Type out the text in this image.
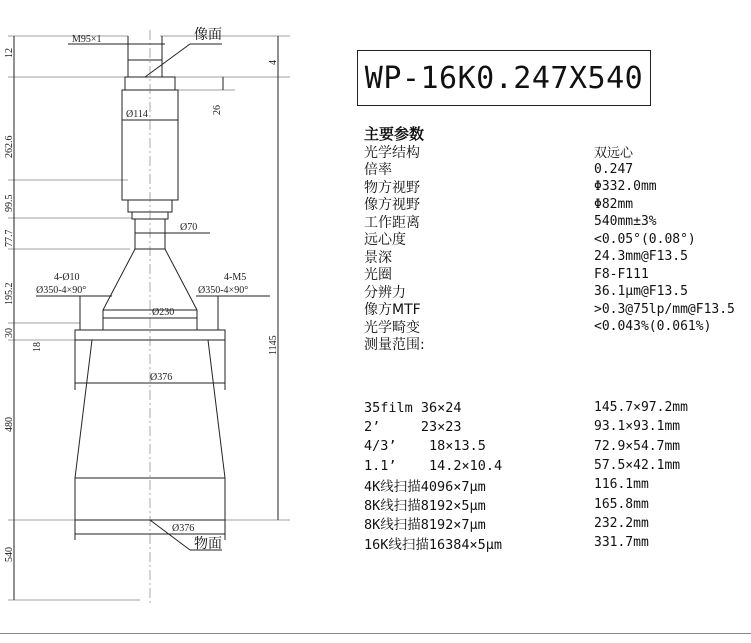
12
262.6
99.5
77.7
195.2
30
18
480
540
4
26
1145
M95×1	像面
Ø114
Ø70
Ø230
Ø376
Ø376
物面
4-Ø10
Ø350-4×90°
4-M5
Ø350-4×90°
WP-16K0.247X540
主要参数
光学结构	双远心
倍率	0.247
物方视野	Φ332.0mm
像方视野	Φ82mm
工作距离	540mm±3%
远心度	<0.05°(0.08°)
景深	24.3mm@F13.5
光圈	F8-F111
分辨力	36.1μm@F13.5
像方MTF	>0.3@75lp/mm@F13.5
光学畸变	<0.043%(0.061%)
测量范围:
35film 36×24	145.7×97.2mm
2’     23×23	93.1×93.1mm
4/3’    18×13.5	72.9×54.7mm
1.1’    14.2×10.4	57.5×42.1mm
4K线扫描4096×7μm	116.1mm
8K线扫描8192×5μm	165.8mm
8K线扫描8192×7μm	232.2mm
16K线扫描16384×5μm	331.7mm
